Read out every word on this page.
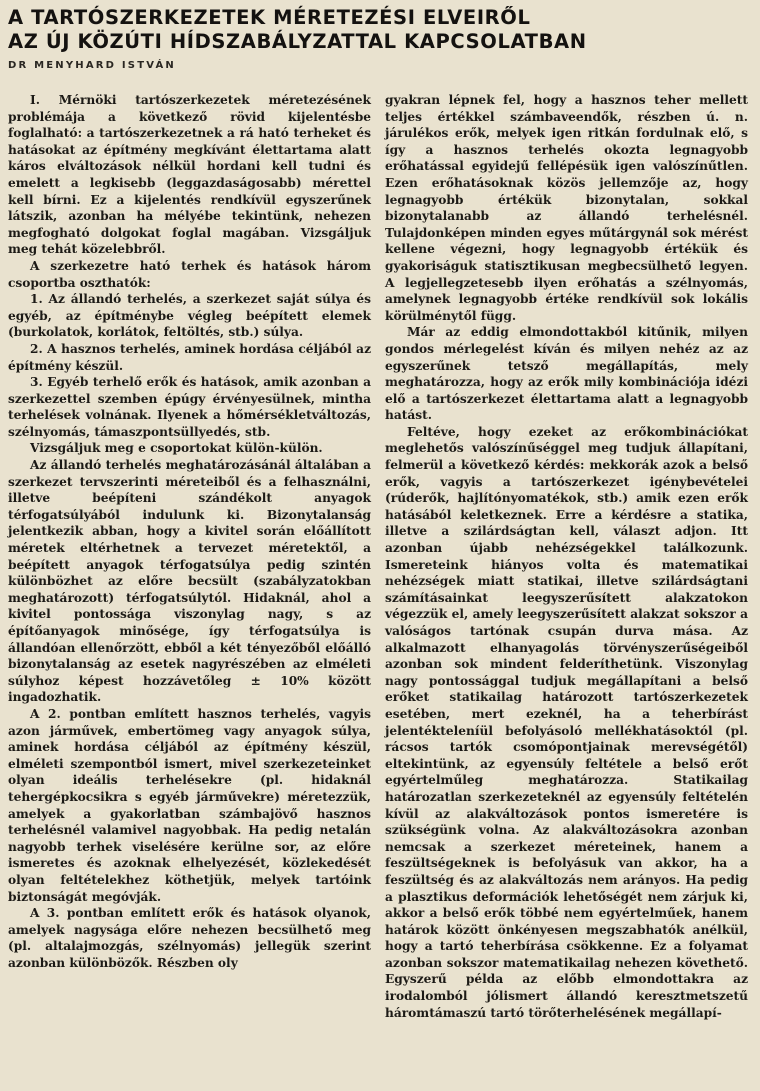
A TARTÓSZERKEZETEK MÉRETEZÉSI ELVEIRŐL
AZ ÚJ KÖZÚTI HÍDSZABÁLYZATTAL KAPCSOLATBAN
DR MENYHARD ISTVÁN

I. Mérnöki tartószerkezetek méretezésének problémája a következő rövid kijelentésbe foglalható: a tartószerkezetnek a rá ható terheket és hatásokat az építmény megkívánt élettartama alatt káros elváltozások nélkül hordani kell tudni és emelett a legkisebb (leggazdaságosabb) mérettel kell bírni. Ez a kijelentés rendkívül egyszerűnek látszik, azonban ha mélyébe tekintünk, nehezen megfogható dolgokat foglal magában. Vizsgáljuk meg tehát közelebbről.

A szerkezetre ható terhek és hatások három csoportba oszthatók:

1. Az állandó terhelés, a szerkezet saját súlya és egyéb, az építménybe végleg beépített elemek (burkolatok, korlátok, feltöltés, stb.) súlya.

2. A hasznos terhelés, aminek hordása céljából az építmény készül.

3. Egyéb terhelő erők és hatások, amik azonban a szerkezettel szemben épúgy érvényesülnek, mintha terhelések volnának. Ilyenek a hőmérsékletváltozás, szélnyomás, támaszpontsüllyedés, stb.

Vizsgáljuk meg e csoportokat külön-külön.

Az állandó terhelés meghatározásánál általában a szerkezet tervszerinti méreteiből és a felhasználni, illetve beépíteni szándékolt anyagok térfogatsúlyából indulunk ki. Bizonytalanság jelentkezik abban, hogy a kivitel során előállított méretek eltérhetnek a tervezet méretektől, a beépített anyagok térfogatsúlya pedig szintén különbözhet az előre becsült (szabályzatokban meghatározott) térfogatsúlytól. Hidaknál, ahol a kivitel pontossága viszonylag nagy, s az építőanyagok minősége, így térfogatsúlya is állandóan ellenőrzött, ebből a két tényezőből előálló bizonytalanság az esetek nagyrészében az elméleti súlyhoz képest hozzávetőleg ± 10% között ingadozhatik.

A 2. pontban említett hasznos terhelés, vagyis azon járművek, embertömeg vagy anyagok súlya, aminek hordása céljából az építmény készül, elméleti szempontból ismert, mivel szerkezeteinket olyan ideális terhelésekre (pl. hidaknál tehergépkocsikra s egyéb járművekre) méretezzük, amelyek a gyakorlatban számbajövő hasznos terhelésnél valamivel nagyobbak. Ha pedig netalán nagyobb terhek viselésére kerülne sor, az előre ismeretes és azoknak elhelyezését, közlekedését olyan feltételekhez köthetjük, melyek tartóink biztonságát megóvják.

A 3. pontban említett erők és hatások olyanok, amelyek nagysága előre nehezen becsülhető meg (pl. altalajmozgás, szélnyomás) jellegük szerint azonban különbözők. Részben oly

gyakran lépnek fel, hogy a hasznos teher mellett teljes értékkel számbaveendők, részben ú. n. járulékos erők, melyek igen ritkán fordulnak elő, s így a hasznos terhelés okozta legnagyobb erőhatással egyidejű fellépésük igen valószínűtlen. Ezen erőhatásoknak közös jellemzője az, hogy legnagyobb értékük bizonytalan, sokkal bizonytalanabb az állandó terhelésnél. Tulajdonképen minden egyes műtárgynál sok mérést kellene végezni, hogy legnagyobb értékük és gyakoriságuk statisztikusan megbecsülhető legyen. A legjellegzetesebb ilyen erőhatás a szélnyomás, amelynek legnagyobb értéke rendkívül sok lokális körülménytől függ.

Már az eddig elmondottakból kitűnik, milyen gondos mérlegelést kíván és milyen nehéz az az egyszerűnek tetsző megállapítás, mely meghatározza, hogy az erők mily kombinációja idézi elő a tartószerkezet élettartama alatt a legnagyobb hatást.

Feltéve, hogy ezeket az erőkombinációkat meglehetős valószínűséggel meg tudjuk állapítani, felmerül a következő kérdés: mekkorák azok a belső erők, vagyis a tartószerkezet igénybevételei (rúderők, hajlítónyomatékok, stb.) amik ezen erők hatásából keletkeznek. Erre a kérdésre a statika, illetve a szilárdságtan kell, választ adjon. Itt azonban újabb nehézségekkel találkozunk. Ismereteink hiányos volta és matematikai nehézségek miatt statikai, illetve szilárdságtani számításainkat leegyszerűsített alakzatokon végezzük el, amely leegyszerűsített alakzat sokszor a valóságos tartónak csupán durva mása. Az alkalmazott elhanyagolás törvényszerűségeiből azonban sok mindent felderíthetünk. Viszonylag nagy pontossággal tudjuk megállapítani a belső erőket statikailag határozott tartószerkezetek esetében, mert ezeknél, ha a teherbírást jelentékteleníül befolyásoló mellékhatásoktól (pl. rácsos tartók csomópontjainak merevségétől) eltekintünk, az egyensúly feltétele a belső erőt egyértelműleg meghatározza. Statikailag határozatlan szerkezeteknél az egyensúly feltételén kívül az alakváltozások pontos ismeretére is szükségünk volna. Az alakváltozásokra azonban nemcsak a szerkezet méreteinek, hanem a feszültségeknek is befolyásuk van akkor, ha a feszültség és az alakváltozás nem arányos. Ha pedig a plasztikus deformációk lehetőségét nem zárjuk ki, akkor a belső erők többé nem egyértelműek, hanem határok között önkényesen megszabhatók anélkül, hogy a tartó teherbírása csökkenne. Ez a folyamat azonban sokszor matematikailag nehezen követhető. Egyszerű példa az előbb elmondottakra az irodalomból jólismert állandó keresztmetszetű háromtámaszú tartó törőterhelésének megállapí-
